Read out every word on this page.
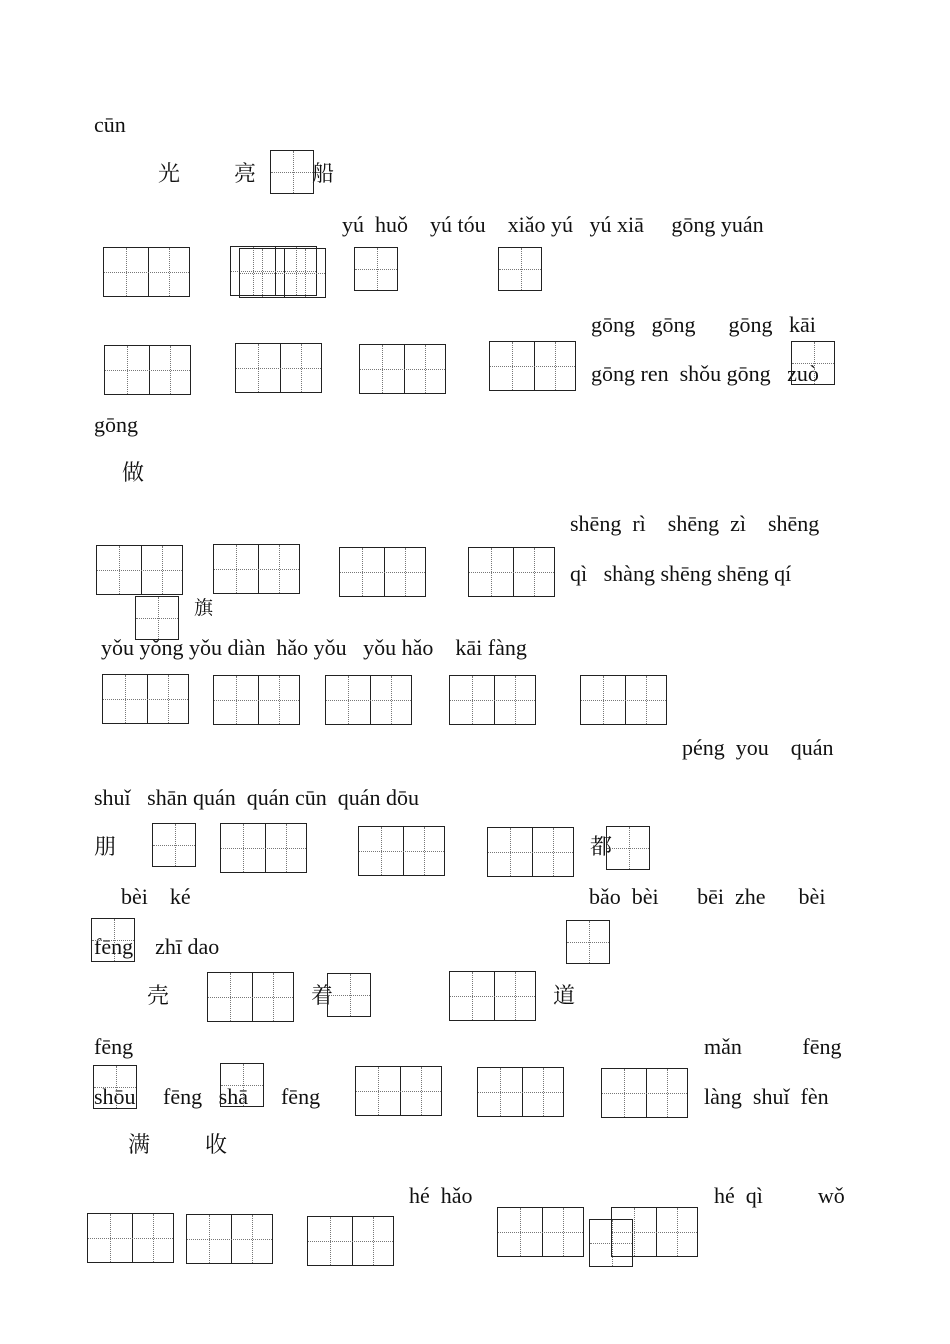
cūn
光 亮	船
yú  huǒ    yú tóu    xiǎo yú   yú xiā     gōng yuán
gōng   gōng      gōng   kāi
gōng ren  shǒu gōng   zuò
gōng
做
shēng  rì    shēng  zì    shēng
qì   shàng shēng shēng qí
旗
yǒu yǒng yǒu diàn  hǎo yǒu   yǒu hǎo    kāi fàng
péng  you    quán
shuǐ   shān quán  quán cūn  quán dōu
朋	都
bèi    ké	bǎo  bèi       bēi  zhe      bèi
fēng    zhī dao
壳	着	道
fēng	mǎn           fēng
shōu     fēng   shā      fēng	làng  shuǐ  fèn
满 收
hé  hǎo	hé  qì          wǒ
